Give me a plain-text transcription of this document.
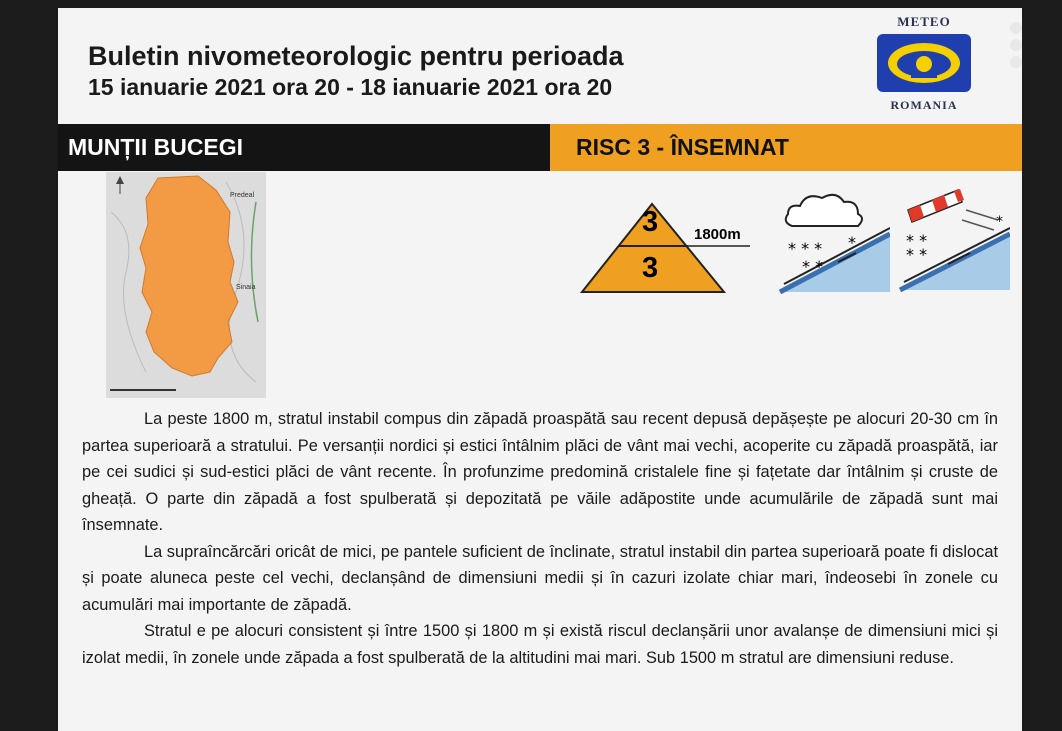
Buletin nivometeorologic pentru perioada
15 ianuarie 2021 ora 20 - 18 ianuarie 2021 ora 20
METEO
ROMANIA
MUNȚII BUCEGI	RISC 3 - ÎNSEMNAT
Predeal
Sinaia
3
3
1800m
* * *
* *
*	* *
* *
*

La peste 1800 m, stratul instabil compus din zăpadă proaspătă sau recent depusă depășește pe alocuri 20-30 cm în partea superioară a stratului. Pe versanții nordici și estici întâlnim plăci de vânt mai vechi, acoperite cu zăpadă proaspătă, iar pe cei sudici și sud-estici plăci de vânt recente. În profunzime predomină cristalele fine și fațetate dar întâlnim și cruste de gheață. O parte din zăpadă a fost spulberată și depozitată pe văile adăpostite unde acumulările de zăpadă sunt mai însemnate.

La supraîncărcări oricât de mici, pe pantele suficient de înclinate, stratul instabil din partea superioară poate fi dislocat și poate aluneca peste cel vechi, declanșând de dimensiuni medii și în cazuri izolate chiar mari, îndeosebi în zonele cu acumulări mai importante de zăpadă.

Stratul e pe alocuri consistent și între 1500 și 1800 m și există riscul declanșării unor avalanșe de dimensiuni mici și izolat medii, în zonele unde zăpada a fost spulberată de la altitudini mai mari. Sub 1500 m stratul are dimensiuni reduse.
